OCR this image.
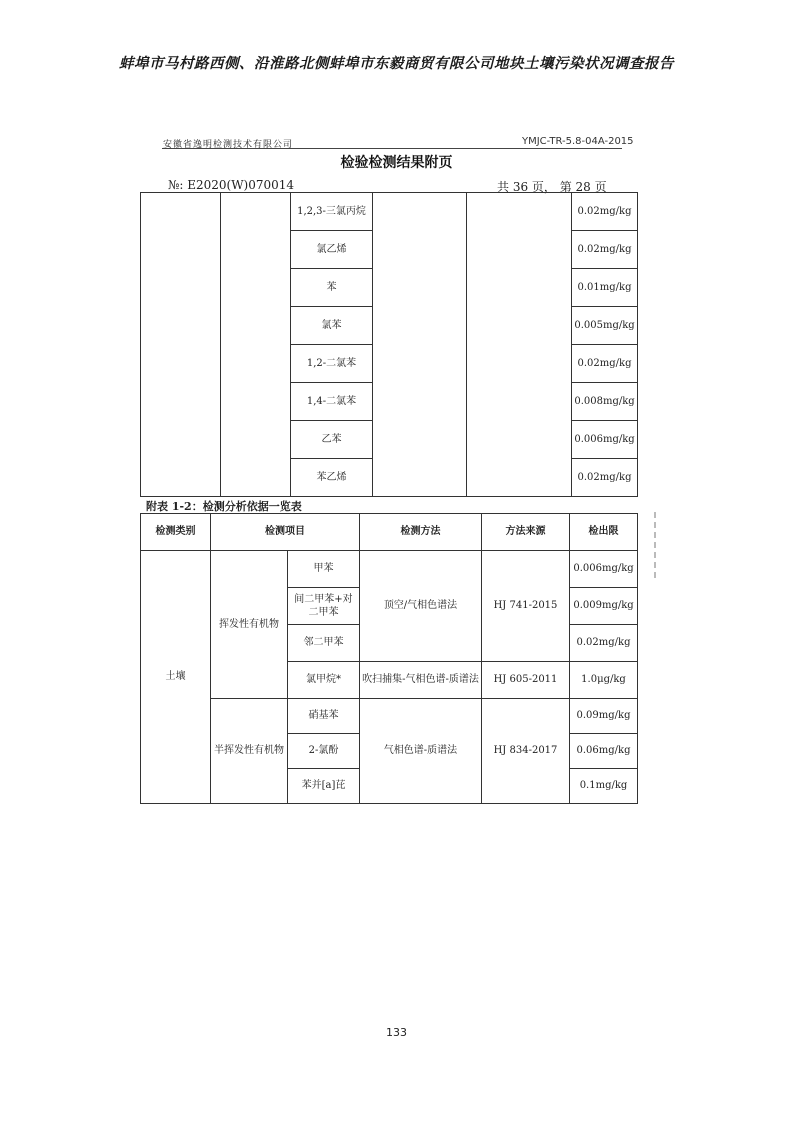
蚌埠市马村路西侧、沿淮路北侧蚌埠市东毅商贸有限公司地块土壤污染状况调查报告
安徽省逸明检测技术有限公司	YMJC-TR-5.8-04A-2015
检验检测结果附页
№: E2020(W)070014	共 36 页， 第 28 页
		1,2,3-三氯丙烷			0.02mg/kg
		氯乙烯			0.02mg/kg
		苯			0.01mg/kg
		氯苯			0.005mg/kg
		1,2-二氯苯			0.02mg/kg
		1,4-二氯苯			0.008mg/kg
		乙苯			0.006mg/kg
		苯乙烯			0.02mg/kg
附表 1-2：检测分析依据一览表
检测类别	检测项目		检测方法	方法来源	检出限
土壤	挥发性有机物	甲苯	顶空/气相色谱法	HJ 741-2015	0.006mg/kg
		间二甲苯+对二甲苯			0.009mg/kg
		邻二甲苯			0.02mg/kg
		氯甲烷*	吹扫捕集-气相色谱-质谱法	HJ 605-2011	1.0μg/kg
	半挥发性有机物	硝基苯	气相色谱-质谱法	HJ 834-2017	0.09mg/kg
		2-氯酚			0.06mg/kg
		苯并[a]芘			0.1mg/kg
133
